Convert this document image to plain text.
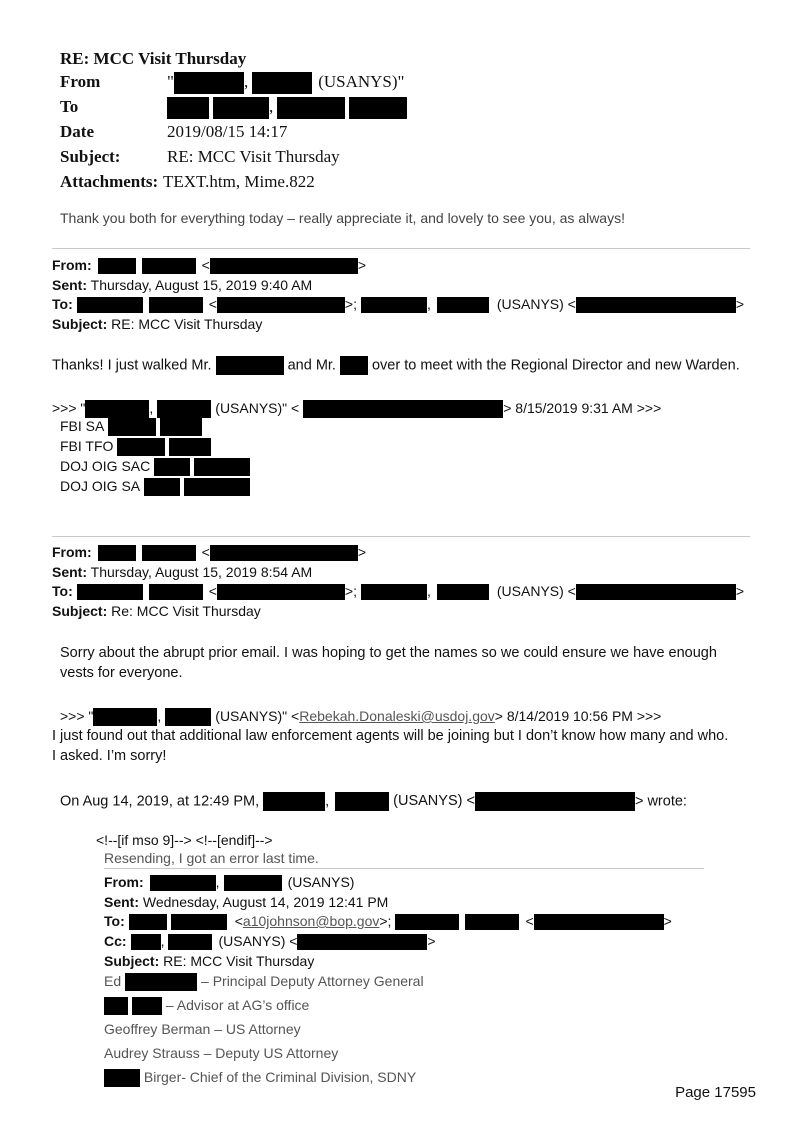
RE: MCC Visit Thursday
From	"	,	(USANYS)"
To	,
Date	2019/08/15 14:17
Subject:	RE: MCC Visit Thursday
Attachments: TEXT.htm, Mime.822
Thank you both for everything today – really appreciate it, and lovely to see you, as always!
From:	<	>
Sent: Thursday, August 15, 2019 9:40 AM
To:	<	>;	,	(USANYS) <	>
Subject: RE: MCC Visit Thursday
Thanks! I just walked Mr.	and Mr. over to meet with the Regional Director and new Warden.
>>> "	,	(USANYS)" <	> 8/15/2019 9:31 AM >>>
FBI SA
FBI TFO
DOJ OIG SAC
DOJ OIG SA
From:	<	>
Sent: Thursday, August 15, 2019 8:54 AM
To:	<	>;	,	(USANYS) <	>
Subject: Re: MCC Visit Thursday
Sorry about the abrupt prior email. I was hoping to get the names so we could ensure we have enough
vests for everyone.
>>> "	,	(USANYS)" <Rebekah.Donaleski@usdoj.gov> 8/14/2019 10:56 PM >>>
I just found out that additional law enforcement agents will be joining but I don’t know how many and who.
I asked. I’m sorry!
On Aug 14, 2019, at 12:49 PM,	,	(USANYS) <	> wrote:
<!--[if mso 9]--> <!--[endif]-->
Resending, I got an error last time.
From:	,	(USANYS)
Sent: Wednesday, August 14, 2019 12:41 PM
To:	<a10johnson@bop.gov>;	<	>
Cc: ,	(USANYS) <	>
Subject: RE: MCC Visit Thursday
Ed	– Principal Deputy Attorney General
– Advisor at AG’s office
Geoffrey Berman – US Attorney
Audrey Strauss – Deputy US Attorney
Birger- Chief of the Criminal Division, SDNY
Page 17595
